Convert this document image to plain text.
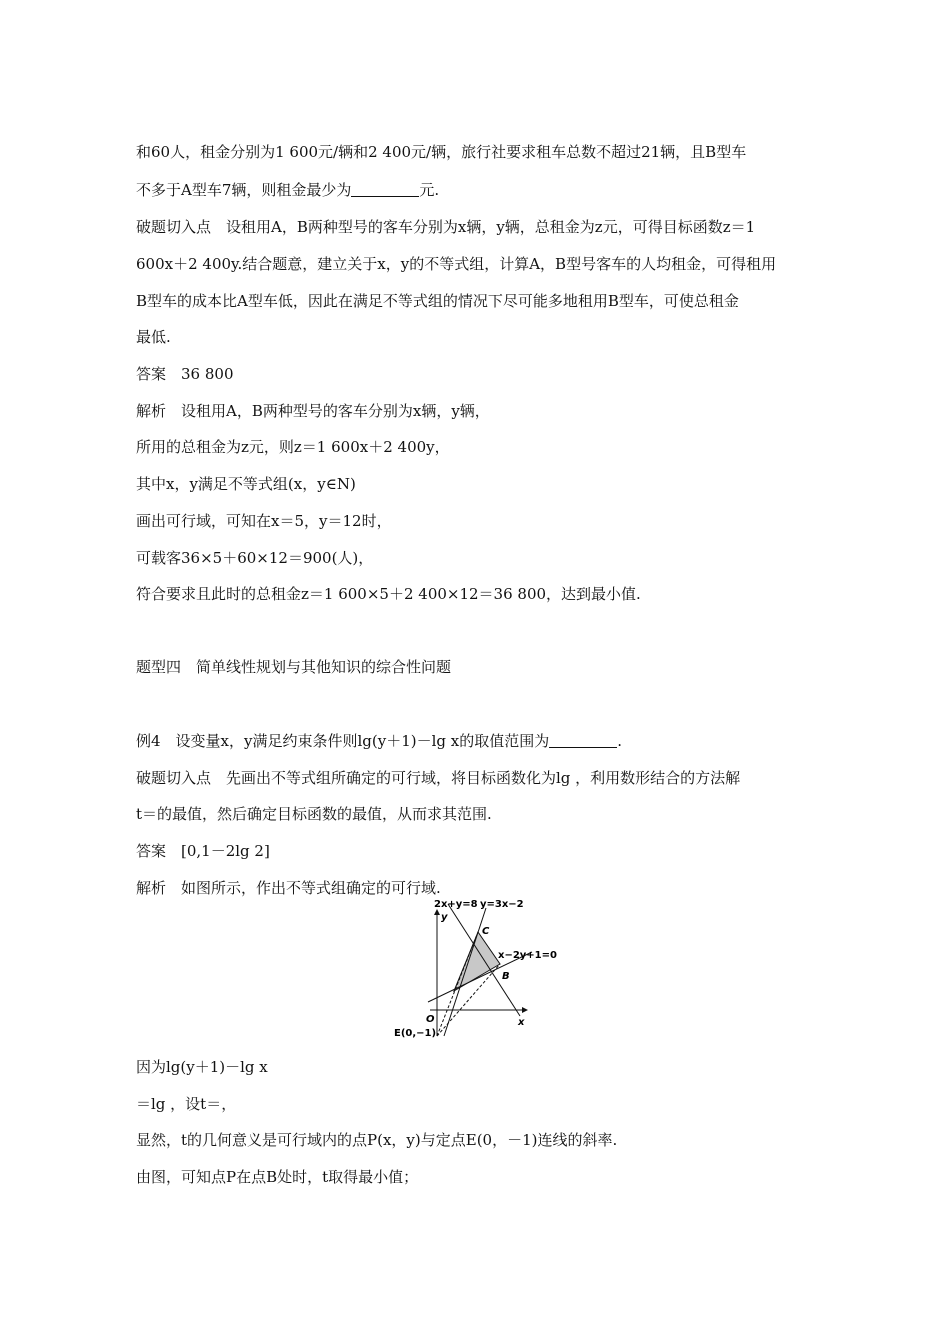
和60人，租金分别为1 600元/辆和2 400元/辆，旅行社要求租车总数不超过21辆，且B型车
不多于A型车7辆，则租金最少为	元.
破题切入点　设租用A，B两种型号的客车分别为x辆，y辆，总租金为z元，可得目标函数z＝1
600x＋2 400y.结合题意，建立关于x，y的不等式组，计算A，B型号客车的人均租金，可得租用
B型车的成本比A型车低，因此在满足不等式组的情况下尽可能多地租用B型车，可使总租金
最低.
答案　36 800
解析　设租用A，B两种型号的客车分别为x辆，y辆，
所用的总租金为z元，则z＝1 600x＋2 400y，
其中x，y满足不等式组(x，y∈N)
画出可行域，可知在x＝5，y＝12时，
可载客36×5＋60×12＝900(人)，
符合要求且此时的总租金z＝1 600×5＋2 400×12＝36 800，达到最小值.
题型四　简单线性规划与其他知识的综合性问题
例4　设变量x，y满足约束条件则lg(y＋1)－lg x的取值范围为	.
破题切入点　先画出不等式组所确定的可行域，将目标函数化为lg ，利用数形结合的方法解
t＝的最值，然后确定目标函数的最值，从而求其范围.
答案　[0,1－2lg 2]
解析　如图所示，作出不等式组确定的可行域.
2x+y=8 y=3x−2
y
C
x−2y+1=0
B
x
O
E(0,−1)
因为lg(y＋1)－lg x
＝lg ，设t＝，
显然，t的几何意义是可行域内的点P(x，y)与定点E(0，－1)连线的斜率.
由图，可知点P在点B处时，t取得最小值；
